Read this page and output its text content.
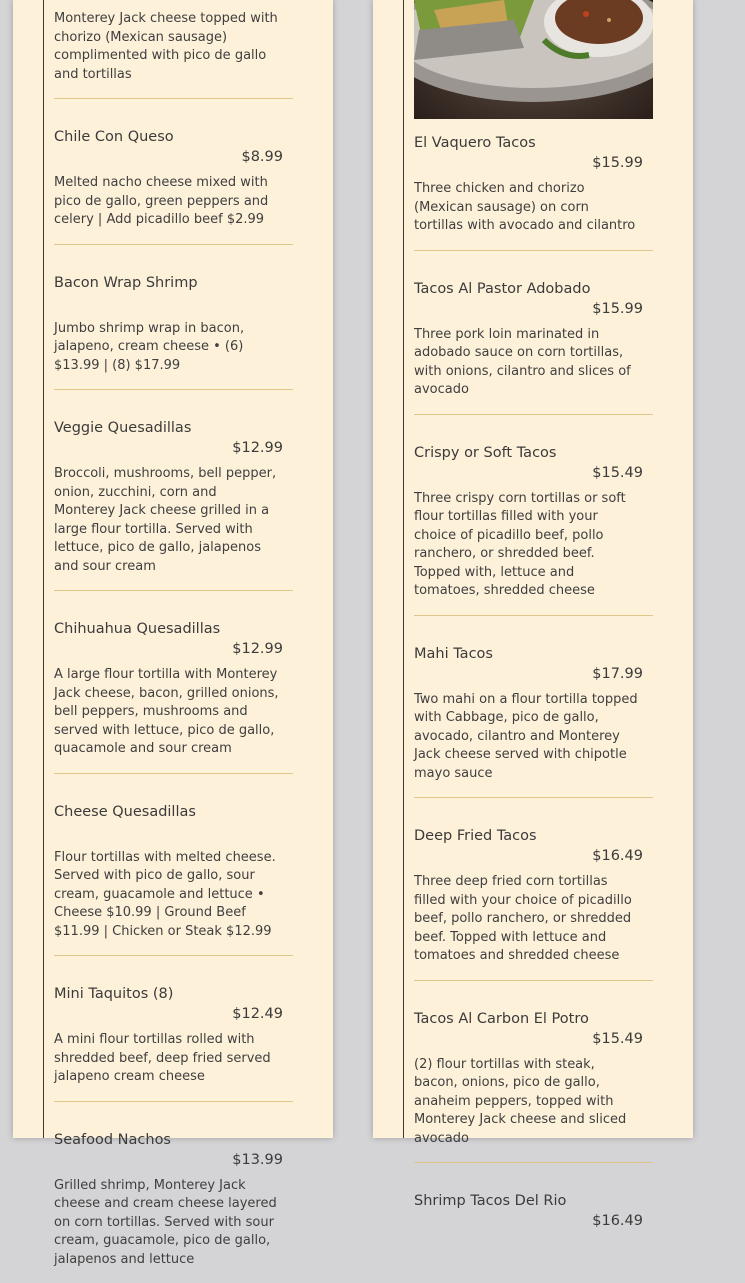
Monterey Jack cheese topped with chorizo (Mexican sausage) complimented with pico de gallo and tortillas
Chile Con Queso
$8.99
Melted nacho cheese mixed with pico de gallo, green peppers and celery | Add picadillo beef $2.99
Bacon Wrap Shrimp
Jumbo shrimp wrap in bacon, jalapeno, cream cheese • (6) $13.99 | (8) $17.99
Veggie Quesadillas
$12.99
Broccoli, mushrooms, bell pepper, onion, zucchini, corn and Monterey Jack cheese grilled in a large flour tortilla. Served with lettuce, pico de gallo, jalapenos and sour cream
Chihuahua Quesadillas
$12.99
A large flour tortilla with Monterey Jack cheese, bacon, grilled onions, bell peppers, mushrooms and served with lettuce, pico de gallo, quacamole and sour cream
Cheese Quesadillas
Flour tortillas with melted cheese. Served with pico de gallo, sour cream, guacamole and lettuce • Cheese $10.99 | Ground Beef $11.99 | Chicken or Steak $12.99
Mini Taquitos (8)
$12.49
A mini flour tortillas rolled with shredded beef, deep fried served jalapeno cream cheese
Seafood Nachos
$13.99
Grilled shrimp, Monterey Jack cheese and cream cheese layered on corn tortillas. Served with sour cream, guacamole, pico de gallo, jalapenos and lettuce
El Vaquero Tacos
$15.99
Three chicken and chorizo (Mexican sausage) on corn tortillas with avocado and cilantro
Tacos Al Pastor Adobado
$15.99
Three pork loin marinated in adobado sauce on corn tortillas, with onions, cilantro and slices of avocado
Crispy or Soft Tacos
$15.49
Three crispy corn tortillas or soft flour tortillas filled with your choice of picadillo beef, pollo ranchero, or shredded beef. Topped with, lettuce and tomatoes, shredded cheese
Mahi Tacos
$17.99
Two mahi on a flour tortilla topped with Cabbage, pico de gallo, avocado, cilantro and Monterey Jack cheese served with chipotle mayo sauce
Deep Fried Tacos
$16.49
Three deep fried corn tortillas filled with your choice of picadillo beef, pollo ranchero, or shredded beef. Topped with lettuce and tomatoes and shredded cheese
Tacos Al Carbon El Potro
$15.49
(2) flour tortillas with steak, bacon, onions, pico de gallo, anaheim peppers, topped with Monterey Jack cheese and sliced avocado
Shrimp Tacos Del Rio
$16.49
